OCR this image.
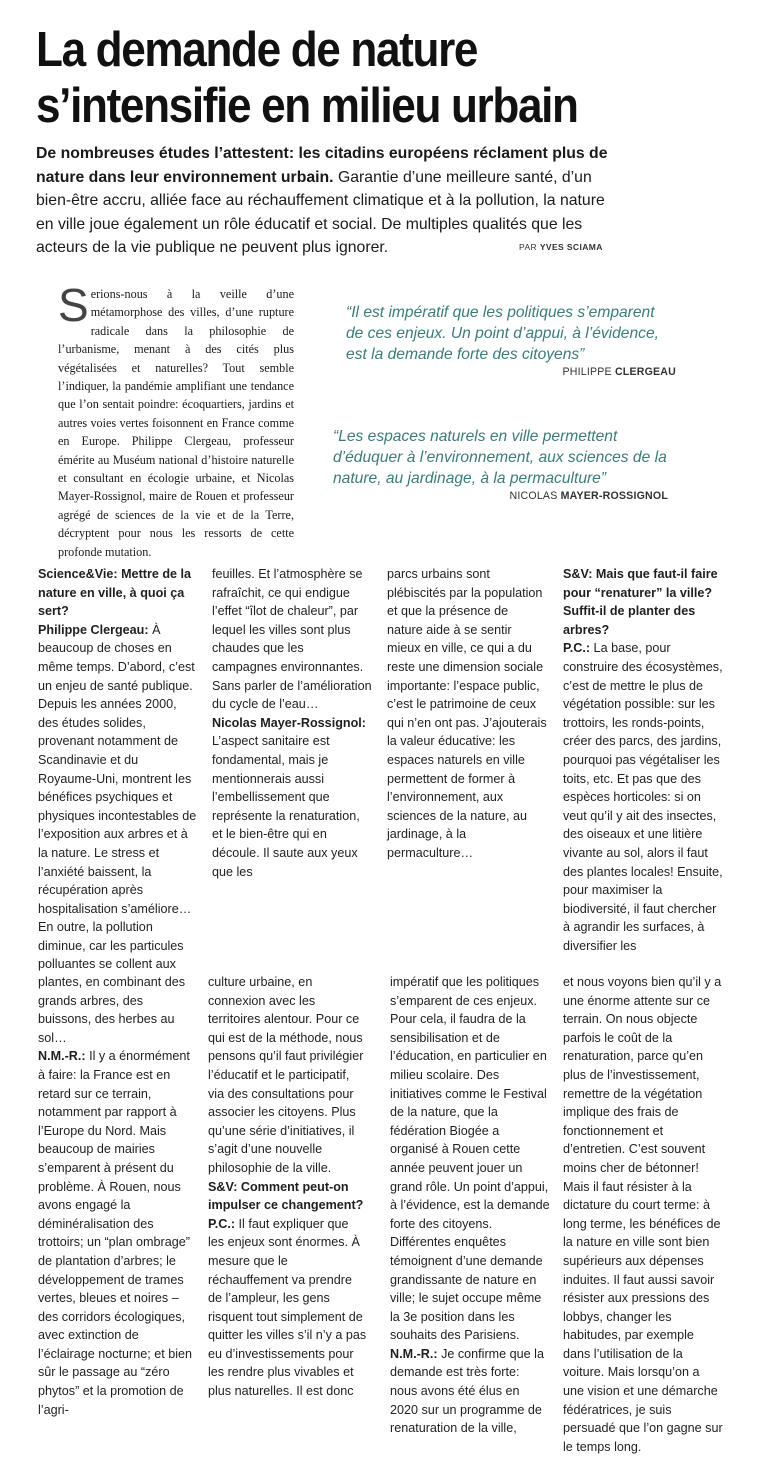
La demande de nature
s’intensifie en milieu urbain
De nombreuses études l’attestent: les citadins européens réclament plus de nature dans leur environnement urbain. Garantie d’une meilleure santé, d’un bien-être accru, alliée face au réchauffement climatique et à la pollution, la nature en ville joue également un rôle éducatif et social. De multiples qualités que les acteurs de la vie publique ne peuvent plus ignorer.	PAR YVES SCIAMA
Serions-nous à la veille d’une métamorphose des villes, d’une rupture radicale dans la philosophie de l’urbanisme, menant à des cités plus végétalisées et naturelles? Tout semble l’indiquer, la pandémie amplifiant une tendance que l’on sentait poindre: écoquartiers, jardins et autres voies vertes foisonnent en France comme en Europe. Philippe Clergeau, professeur émérite au Muséum national d’histoire naturelle et consultant en écologie urbaine, et Nicolas Mayer-Rossignol, maire de Rouen et professeur agrégé de sciences de la vie et de la Terre, décryptent pour nous les ressorts de cette profonde mutation.
“Il est impératif que les politiques s’emparent de ces enjeux. Un point d’appui, à l’évidence, est la demande forte des citoyens”
PHILIPPE CLERGEAU
“Les espaces naturels en ville permettent d’éduquer à l’environnement, aux sciences de la nature, au jardinage, à la permaculture”
NICOLAS MAYER-ROSSIGNOL

Science&Vie: Mettre de la nature en ville, à quoi ça sert?
Philippe Clergeau: À beaucoup de choses en même temps. D’abord, c’est un enjeu de santé publique. Depuis les années 2000, des études solides, provenant notamment de Scandinavie et du Royaume-Uni, montrent les bénéfices psychiques et physiques incontestables de l’exposition aux arbres et à la nature. Le stress et l’anxiété baissent, la récupération après hospitalisation s’améliore… En outre, la pollution diminue, car les particules polluantes se collent aux

feuilles. Et l’atmosphère se rafraîchit, ce qui endigue l’effet “îlot de chaleur”, par lequel les villes sont plus chaudes que les campagnes environnantes. Sans parler de l’amélioration du cycle de l’eau…
Nicolas Mayer-Rossignol: L’aspect sanitaire est fondamental, mais je mentionnerais aussi l’embellissement que représente la renaturation, et le bien-être qui en découle. Il saute aux yeux que les

parcs urbains sont plébiscités par la population et que la présence de nature aide à se sentir mieux en ville, ce qui a du reste une dimension sociale importante: l’espace public, c’est le patrimoine de ceux qui n’en ont pas. J’ajouterais la valeur éducative: les espaces naturels en ville permettent de former à l’environnement, aux sciences de la nature, au jardinage, à la permaculture…

S&V: Mais que faut-il faire pour “renaturer” la ville? Suffit-il de planter des arbres?
P.C.: La base, pour construire des écosystèmes, c’est de mettre le plus de végétation possible: sur les trottoirs, les ronds-points, créer des parcs, des jardins, pourquoi pas végétaliser les toits, etc. Et pas que des espèces horticoles: si on veut qu’il y ait des insectes, des oiseaux et une litière vivante au sol, alors il faut des plantes locales! Ensuite, pour maximiser la biodiversité, il faut chercher à agrandir les surfaces, à diversifier les

plantes, en combinant des grands arbres, des buissons, des herbes au sol…
N.M.-R.: Il y a énormément à faire: la France est en retard sur ce terrain, notamment par rapport à l’Europe du Nord. Mais beaucoup de mairies s’emparent à présent du problème. À Rouen, nous avons engagé la déminéralisation des trottoirs; un “plan ombrage” de plantation d’arbres; le développement de trames vertes, bleues et noires – des corridors écologiques, avec extinction de l’éclairage nocturne; et bien sûr le passage au “zéro phytos” et la promotion de l’agri-

culture urbaine, en connexion avec les territoires alentour. Pour ce qui est de la méthode, nous pensons qu’il faut privilégier l’éducatif et le participatif, via des consultations pour associer les citoyens. Plus qu’une série d’initiatives, il s’agit d’une nouvelle philosophie de la ville.
S&V: Comment peut-on impulser ce changement?
P.C.: Il faut expliquer que les enjeux sont énormes. À mesure que le réchauffement va prendre de l’ampleur, les gens risquent tout simplement de quitter les villes s’il n’y a pas eu d’investissements pour les rendre plus vivables et plus naturelles. Il est donc

impératif que les politiques s’emparent de ces enjeux. Pour cela, il faudra de la sensibilisation et de l’éducation, en particulier en milieu scolaire. Des initiatives comme le Festival de la nature, que la fédération Biogée a organisé à Rouen cette année peuvent jouer un grand rôle. Un point d’appui, à l’évidence, est la demande forte des citoyens. Différentes enquêtes témoignent d’une demande grandissante de nature en ville; le sujet occupe même la 3e position dans les souhaits des Parisiens.
N.M.-R.: Je confirme que la demande est très forte: nous avons été élus en 2020 sur un programme de renaturation de la ville,

et nous voyons bien qu’il y a une énorme attente sur ce terrain. On nous objecte parfois le coût de la renaturation, parce qu’en plus de l’investissement, remettre de la végétation implique des frais de fonctionnement et d’entretien. C’est souvent moins cher de bétonner! Mais il faut résister à la dictature du court terme: à long terme, les bénéfices de la nature en ville sont bien supérieurs aux dépenses induites. Il faut aussi savoir résister aux pressions des lobbys, changer les habitudes, par exemple dans l’utilisation de la voiture. Mais lorsqu’on a une vision et une démarche fédératrices, je suis persuadé que l’on gagne sur le temps long.
